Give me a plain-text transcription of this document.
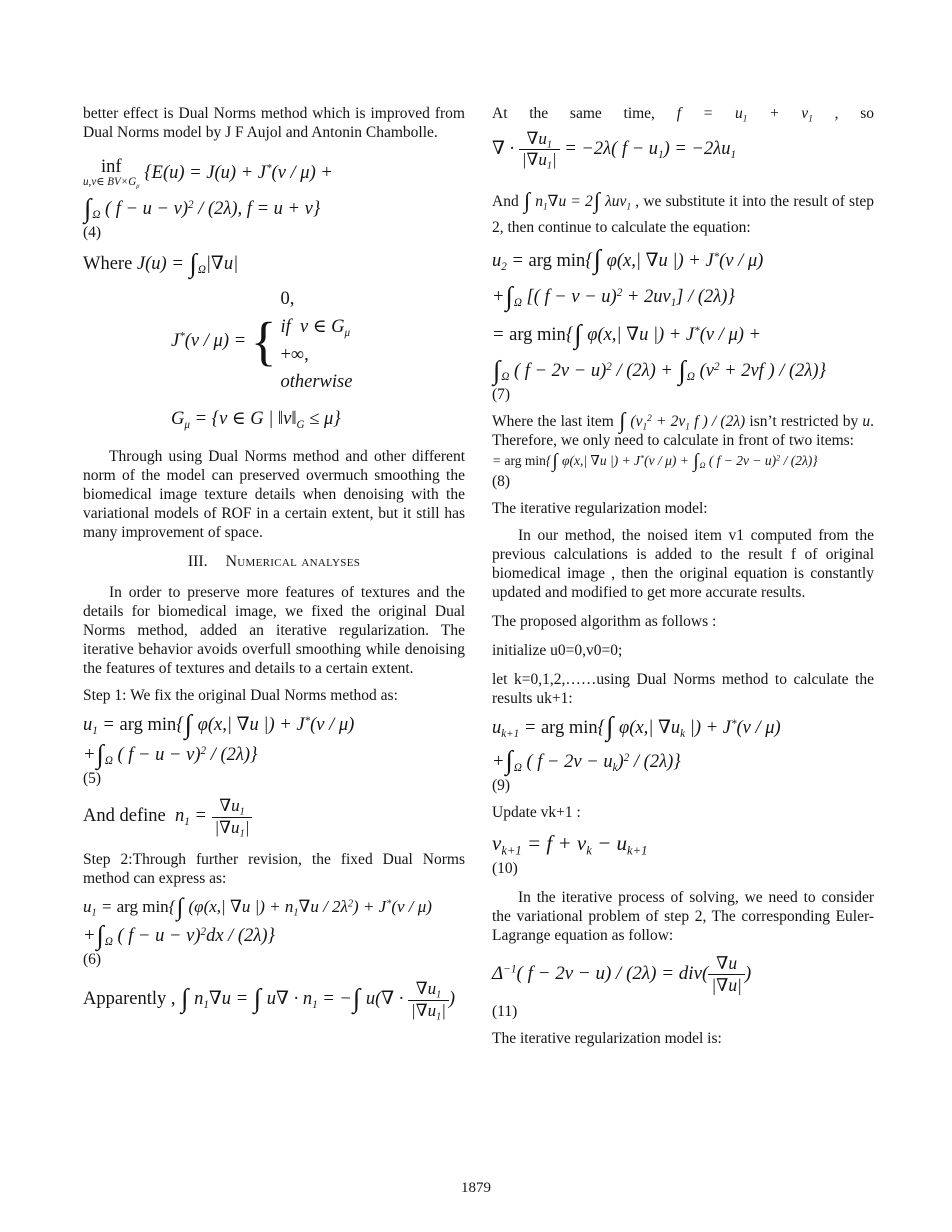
better effect is Dual Norms method which is improved from Dual Norms model by J F Aujol and Antonin Chambolle.

inf
u,v∈ $BV\times G_\mu$
{E(u) = J(u) + J*(v / μ) +
$\int_\Omega$ ( f − u − v)$^2$ / (2λ), f = u + v}
(4)
Where $J(u) = \int_\Omega|\nabla u|$
J*(v / μ) = {
0,
if  v ∈ $G_\mu$
+∞,
otherwise
$G_\mu = \{v$ ∈ G | $‖v‖_G \le \mu$}

Through using Dual Norms method and other different norm of the model can preserved overmuch smoothing the biomedical image texture details when denoising with the variational models of ROF in a certain extent, but it still has many improvement of space.

III. Numerical analyses

In order to preserve more features of textures and the details for biomedical image, we fixed the original Dual Norms method, added an iterative regularization. The iterative behavior avoids overfull smoothing while denoising the features of textures and details to a certain extent.

Step 1: We fix the original Dual Norms method as:

$u_1$ = arg min{∫ φ(x,| ∇u |) + J*(v / μ)
$+\int_\Omega$ ( f − u − v)$^2$ / (2λ)}
(5)
And define  $n_1 = \frac{\nabla u_1}{|\nabla u_1|}$

Step 2:Through further revision, the fixed Dual Norms method can express as:

$u_1$ = arg min{∫ (φ(x,| ∇u |) + $n_1\nabla u / 2\lambda^2) + J^*(v / \mu)$
$+\int_\Omega$ ( f − u − v)$^2$dx / (2λ)}
(6)
Apparently , ∫ $n_1\nabla u$ = ∫ $u\nabla \cdot n_1$ = −∫ $u(\nabla \cdot \frac{\nabla u_1}{|\nabla u_1|}$ )

At the same time, $f = u_1 + v_1$ , so

∇ · $\frac{\nabla u_1}{|\nabla u_1|} = -2\lambda$( $f - u_1) = -2\lambda u_1$

And ∫ $n_1\nabla u = 2\int$ λuv$_1$ , we substitute it into the result of step 2, then continue to calculate the equation:

$u_2$ = arg min{∫ φ(x,| ∇u |) + J*(v / μ)
$+\int_\Omega$ [( $f - v - u)^2 + 2uv_1] / (2\lambda)$}
= arg min{∫ φ(x,| ∇u |) + J*(v / μ) +
$\int_\Omega$ ( $f - 2v - u)^2 / (2\lambda) + \int_\Omega$ ($v^2 + 2vf$ ) / (2λ)}
(7)

Where the last item ∫ ($v_1^2 + 2v_1$ f ) / (2λ) isn’t restricted by u. Therefore, we only need to calculate in front of two items:

= arg min{∫ φ(x,| ∇u |) + $J^*(v / \mu) + \int_\Omega$ ( f − 2v − u)$^2$ / (2λ)}
(8)

The iterative regularization model:

In our method, the noised item v1 computed from the previous calculations is added to the result f of original biomedical image , then the original equation is constantly updated and modified to get more accurate results.

The proposed algorithm as follows :

initialize u0=0,v0=0;

let k=0,1,2,……using Dual Norms method to calculate the results uk+1:

$u_{k+1}$ = arg min{∫ φ(x,| $\nabla u_k$ |) + J*(v / μ)
$+\int_\Omega$ ( $f - 2v - u_k)^2 / (2\lambda)$}
(9)

Update vk+1 :

$v_{k+1} = f + v_k - u_{k+1}$
(10)

In the iterative process of solving, we need to consider the variational problem of step 2, The corresponding Euler-Lagrange equation as follow:

$\Delta^{-1}$( $f - 2v - u) / (2\lambda) = div( \frac{\nabla u}{|\nabla u|}$ )
(11)

The iterative regularization model is:

1879
